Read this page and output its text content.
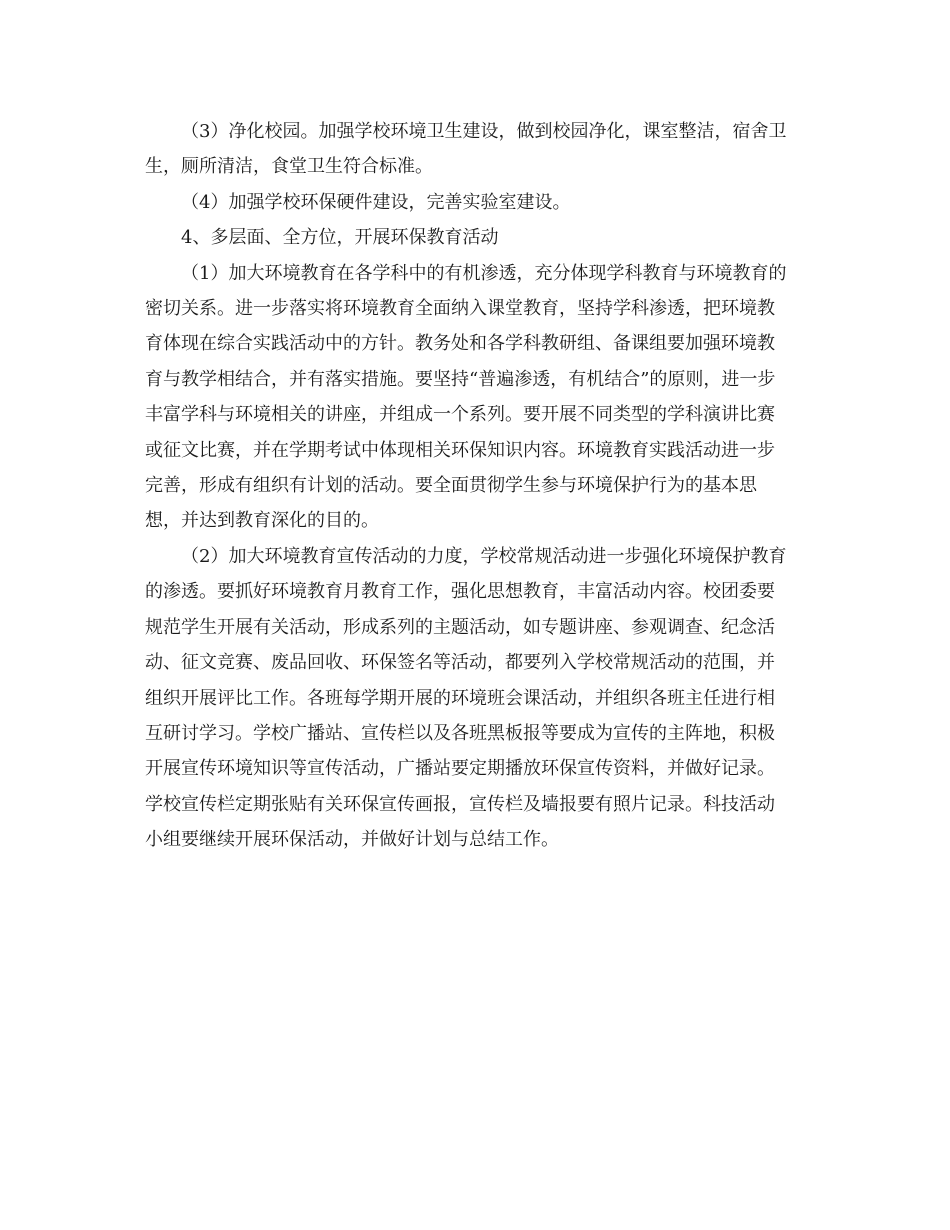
（3）净化校园。加强学校环境卫生建设，做到校园净化，课室整洁，宿舍卫
生，厕所清洁，食堂卫生符合标准。

（4）加强学校环保硬件建设，完善实验室建设。

4、多层面、全方位，开展环保教育活动

（1）加大环境教育在各学科中的有机渗透，充分体现学科教育与环境教育的
密切关系。进一步落实将环境教育全面纳入课堂教育，坚持学科渗透，把环境教
育体现在综合实践活动中的方针。教务处和各学科教研组、备课组要加强环境教
育与教学相结合，并有落实措施。要坚持“普遍渗透，有机结合”的原则，进一步
丰富学科与环境相关的讲座，并组成一个系列。要开展不同类型的学科演讲比赛
或征文比赛，并在学期考试中体现相关环保知识内容。环境教育实践活动进一步
完善，形成有组织有计划的活动。要全面贯彻学生参与环境保护行为的基本思
想，并达到教育深化的目的。

（2）加大环境教育宣传活动的力度，学校常规活动进一步强化环境保护教育
的渗透。要抓好环境教育月教育工作，强化思想教育，丰富活动内容。校团委要
规范学生开展有关活动，形成系列的主题活动，如专题讲座、参观调查、纪念活
动、征文竞赛、废品回收、环保签名等活动，都要列入学校常规活动的范围，并
组织开展评比工作。各班每学期开展的环境班会课活动，并组织各班主任进行相
互研讨学习。学校广播站、宣传栏以及各班黑板报等要成为宣传的主阵地，积极
开展宣传环境知识等宣传活动，广播站要定期播放环保宣传资料，并做好记录。
学校宣传栏定期张贴有关环保宣传画报，宣传栏及墙报要有照片记录。科技活动
小组要继续开展环保活动，并做好计划与总结工作。
